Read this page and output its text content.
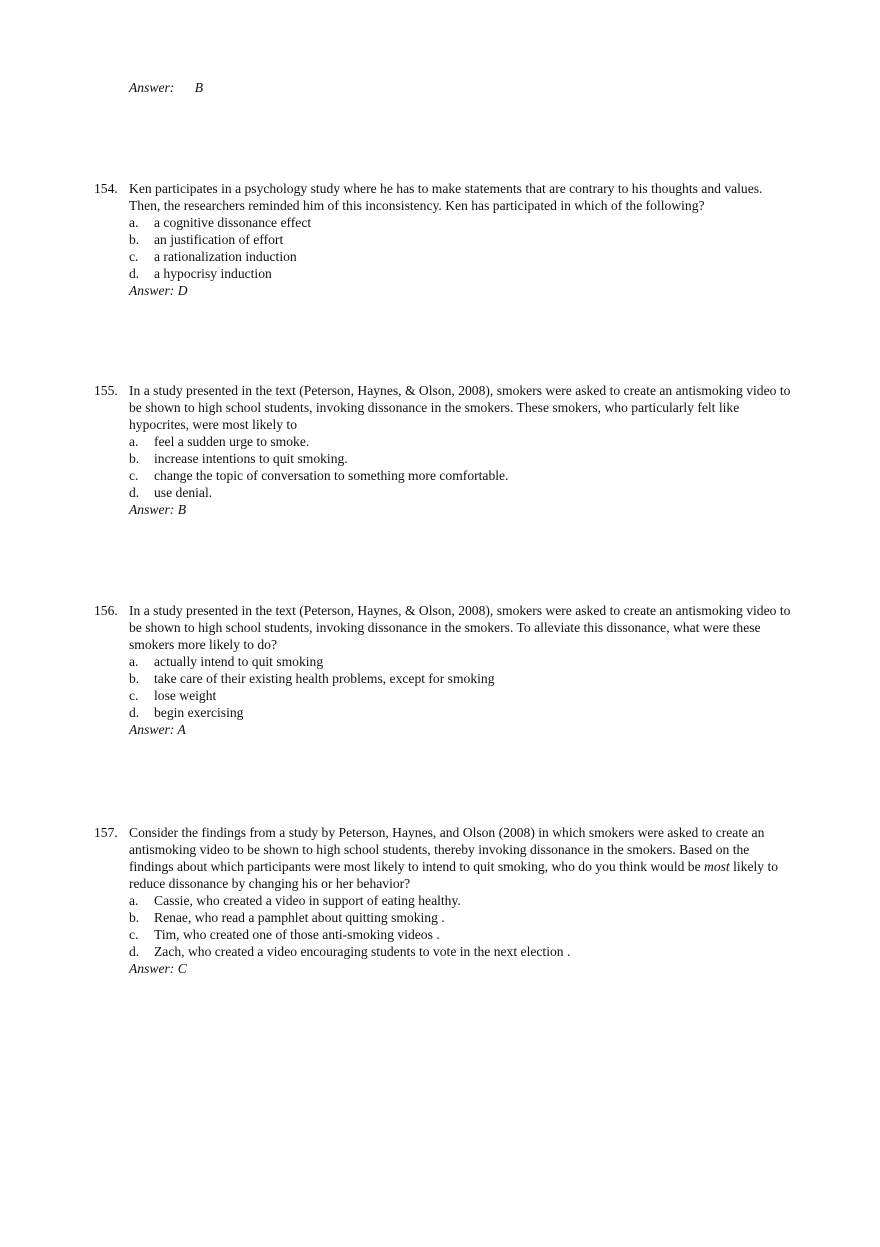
Answer: B
154. Ken participates in a psychology study where he has to make statements that are contrary to his thoughts and values. Then, the researchers reminded him of this inconsistency. Ken has participated in which of the following?
a. a cognitive dissonance effect
b. an justification of effort
c. a rationalization induction
d. a hypocrisy induction
Answer: D
155. In a study presented in the text (Peterson, Haynes, & Olson, 2008), smokers were asked to create an antismoking video to be shown to high school students, invoking dissonance in the smokers. These smokers, who particularly felt like hypocrites, were most likely to
a. feel a sudden urge to smoke.
b. increase intentions to quit smoking.
c. change the topic of conversation to something more comfortable.
d. use denial.
Answer: B
156. In a study presented in the text (Peterson, Haynes, & Olson, 2008), smokers were asked to create an antismoking video to be shown to high school students, invoking dissonance in the smokers. To alleviate this dissonance, what were these smokers more likely to do?
a. actually intend to quit smoking
b. take care of their existing health problems, except for smoking
c. lose weight
d. begin exercising
Answer: A
157. Consider the findings from a study by Peterson, Haynes, and Olson (2008) in which smokers were asked to create an antismoking video to be shown to high school students, thereby invoking dissonance in the smokers. Based on the findings about which participants were most likely to intend to quit smoking, who do you think would be most likely to reduce dissonance by changing his or her behavior?
a. Cassie, who created a video in support of eating healthy.
b. Renae, who read a pamphlet about quitting smoking .
c. Tim, who created one of those anti-smoking videos .
d. Zach, who created a video encouraging students to vote in the next election .
Answer: C
